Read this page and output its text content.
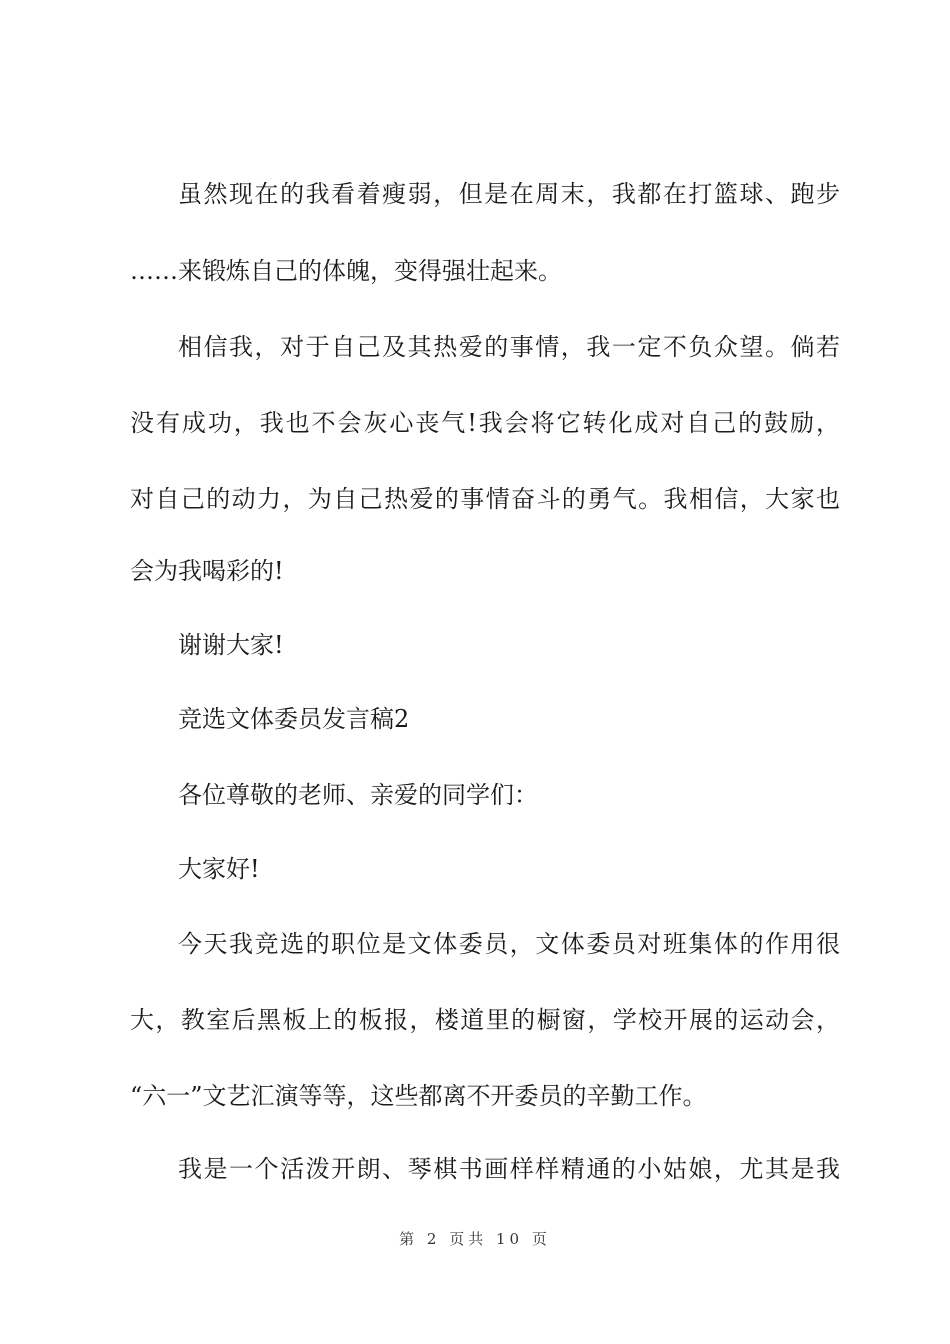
虽然现在的我看着瘦弱，但是在周末，我都在打篮球、跑步
……来锻炼自己的体魄，变得强壮起来。
相信我，对于自己及其热爱的事情，我一定不负众望。倘若
没有成功，我也不会灰心丧气!我会将它转化成对自己的鼓励，
对自己的动力，为自己热爱的事情奋斗的勇气。我相信，大家也
会为我喝彩的!
谢谢大家!
竞选文体委员发言稿2
各位尊敬的老师、亲爱的同学们：
大家好!
今天我竞选的职位是文体委员，文体委员对班集体的作用很
大，教室后黑板上的板报，楼道里的橱窗，学校开展的运动会，
“六一”文艺汇演等等，这些都离不开委员的辛勤工作。
我是一个活泼开朗、琴棋书画样样精通的小姑娘，尤其是我
第 2 页共 10 页
